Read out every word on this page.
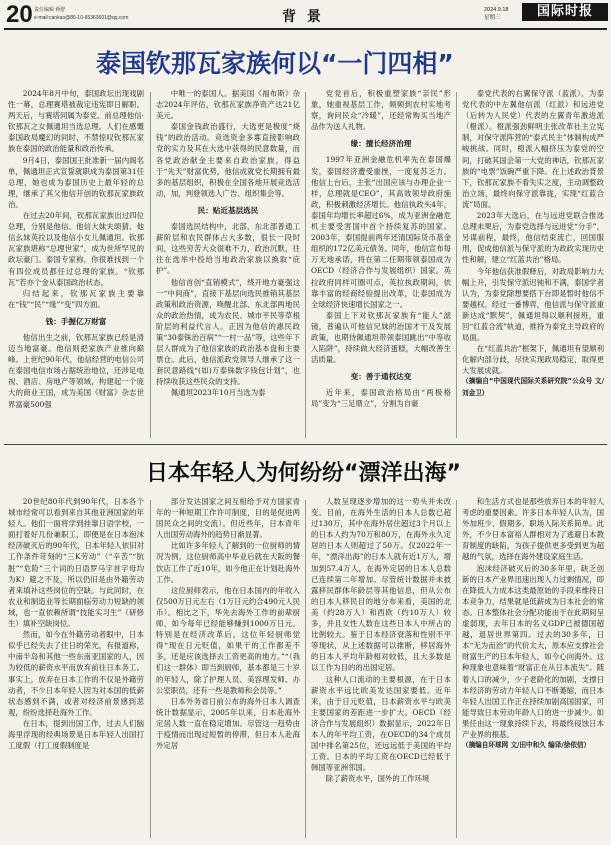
20 责任编辑 蒋舒
e-mail:cankao@86-10-65363601@qq.com	背 景	2024.9.18
星期三	国际时报
泰国钦那瓦家族何以“一门四相”

2024年8月中旬，泰国政坛出现戏剧性一幕，总理赛塔被裁定违宪即日解职。两天后，与赛塔同属为泰党、前总理他信·钦那瓦之女佩通坦当选总理。人们在感慨泰国政局魔幻的同时，不禁惊叹钦那瓦家族在泰国的政治能量和政治传承。

9月4日，泰国国王批准新一届内阁名单，佩通坦正式宣誓就职成为泰国第31任总理，她也成为泰国历史上最年轻的总理，继承了其父他信开创的钦那瓦家族政治。

在过去20年间，钦那瓦家族出过四位总理，分别是他信、他信大妹夫颂猜、他信幺妹英拉以及他信小女儿佩通坦。钦那瓦家族堪称“总理世家”，成为世所罕见的政坛豪门。泰国专家称，你很难找到一个有四位成员都任过总理的家族。“钦那瓦”若亦个金从泰国政治状态。

归结起来，钦那瓦家族主要靠在“钱”“民”“缘”“变”四方面。

钱：手握亿万财富

他信出生之前，钦那瓦家族已经是清迈当地富豪。他信则把家族产业推向巅峰。上世纪90年代，他信经营的电信公司在泰国电信市场占据统治地位，还涉足电视、酒店、房地产等领域，构建起一个庞大的商业王国，成为美国《财富》杂志世界富豪500强

中唯一的泰国人。据美国《福布斯》杂志2024年评估，钦那瓦家族净资产达21亿美元。

泰国金钱政治盛行，大选更是极度“烧钱”的政治活动。竞选资金多寡直接影响政党的实力及其在大选中获得的民意数量，而各党政治献金主要来自政治家族。得益于“先天”财富优势，他信成就党长期拥有最多的基层组织，积极在全国各地开展竞选活动，加，判登领选人广告、组织集会等。

民：贴近基层选民

泰国选民结构中，北部、东北部普通工薪阶层和农民群体占大多数，很长一段时间，这些穷苦大众很难不力，政治沉默，往往在选举中投给当地政治家族以换取“庇护”。

他信首创“直销模式”，绕开地方豪强这一“中间商”，直接下基层向选民推销其基层政策和政治资源，唤醒北部、东北部两地民众的政治热情，成为农民、城市平民等草根阶层的利益代言人。正因为他信的惠民政策“30泰铢治百病”“一村一品”等，这些年下层人群成为了他信家族的政治基本盘和主要票仓。此后，他信派政党领导人继承了这一套民意路线“(如)万泰铢数字钱包计划”，也持续收获这些民众的支持。

佩通坦2023年10月当选为泰

党党首后，积极重塑家族“亲民”形象，她重视基层工作，频频到农村实地考察，询问民众“冷暖”，还经常购买当地产品作为送人礼物。

缘：擅长经济治理

1997年亚洲金融危机率先在泰国爆发，泰国经济遭受重挫，一度复苏乏力。他信上台后，主张“出国应该与办理企业一样，总理就是CEO”，其高效领导政府施政，积极刺激经济增长。他信执政头4年，泰国年均增长率超过6%，成为亚洲金融危机主要受害国中首个持续复苏的国家。2003年，泰国提前两年还清国际货币基金组织的172亿美元债务。同年，他信宣布每万无地承诺，将在第二任期带领泰国成为OECD（经济合作与发展组织）国家。英拉政府同样可圈可点，英拉执政期间，依靠丰富的经商经验提出改革，让泰国成为全球经济快速增长国家之一。

泰国上下对钦那瓦家族有“能人”滤镜，普遍认可他信兄妹的治国才干及发展政策，也期待佩通坦带领泰国跳出“中等收入陷阱”，持续做大经济蛋糕，大幅改善生活质量。

变：善于通权达变

近年来，泰国政治格局由“两极格局”变为“三足鼎立”，分割为自豪

泰党代表的右翼保守派（蓝派）、为泰党代表的中左翼他信派（红派）和远进党（后转为人民党）代表的左翼青年激进派（橙派）。橙派强劲鲜明主张改革社主立宪制，对保守派阵营的“泰式民主”体制构成严峻挑战。同时，橙派入幅挤压为泰党的空间，打破其国会第一大党的神话，钦那瓦家族的“电票”饭碗严重下降。在上述政治背景下，钦那瓦家族不看失实之度，主动调整政治立场，最终向保守派靠拢，实现“红蓝合流”局面。

2023年大选后，在与远进党联合推选总理未果后，为泰党选择与远进党“分手”，另谋前程，最终，他信结束流亡，回国服刑，促成他信派与保守派的为政政实现历史性和解，建立“红蓝共治”格局。

今年他信获准假释后，对政局影响力大幅上升，引发保守派迟钝和不满，泰国学者认为，为泰党除想要搭下台即是暂时他信不要越权。经过一番博弈，他信派与保守派重新达成“默契”，佩通坦得以顺利接班，重回“红蓝合流”轨道，推持为泰党主导政府的局面。

在“红蓝共治”框架下，佩通坦有望顺利化解内部分歧，尽快实现政局稳定，取得更大发展成就。

（摘编自“中国现代国际关系研究院”公众号 文/刘金卫）

日本年轻人为何纷纷“漂洋出海”

20世纪80年代到90年代，日本各个城市经常可以看到来自其他亚洲国家的年轻人。他们一面将学到挂靠日语学校，一面打着好几份兼职工，即便是在日本泡沫经济破灭后的90年代，日本年轻人依旧对工作条件苛刻的“三K劳动”（“辛苦”“肮脏”“危险”三个词的日语罗马字首字母均为K）避之不及，所以仍旧是由外籍劳动者来填补这些岗位的空缺。与此同时，在农业和制造业等长期面临劳动力短缺的领域，也一直依赖所谓“技能实习生”（研修生）填补空缺岗位。

然而，如今在外籍劳动者眼中，日本似乎已经失去了往日的荣光，有报道称，中南半岛和其他一些东南亚国家的人，因为较低的薪资水平而放弃前往日本务工。事实上，放弃在日本工作的不仅是外籍劳动者，不少日本年轻人因为对本国的低薪状态感到不满，或者对经济前景感到悲观，纷纷选择赴海外工作。

在日本，提到出国工作，过去人们脑海里浮现的经典场景是日本年轻人出国打工度假（打工度假制度是

部分发达国家之间互相给予对方国家青年的一种短期工作许可制度，目的是促进两国民众之间的交流）。但近些年，日本青年人出国劳动海外的趋势日渐显著。

比如许多年轻人了解到的一位厨师的情况为例，这位厨师高中毕业后就在大阪的餐饮店工作了近10年，如今他正在计划赴海外工作。

这位厨师表示，他在日本国内的年收入仅500万日元左右（1万日元约合490元人民币）。相比之下，华先去海外工作的前辈厨师，如今每年已经能够赚到1000万日元。特别是在经济改革后，这位年轻厨师觉得“现在日元贬值，如果干的工作都差不多，还是应该选择去工资更高的地方。”“（我们这一群体）即当到厨师，基本都是三十岁的年轻人，除了护理人员、美容理发师、办公室职员，还有一些是教师和会员等。”

日本外务省日前公布的海外日本人调查统计数据显示，2005年以来，日本赴海外定居人数一直在稳定增加。尽管这一趋势由于疫情而出现过短暂的停滞，但日本人赴海外定居

人数呈现逐步增加的这一势头并未改变。目前，在海外生活的日本人总数已超过130万，其中在海外居住超过3个月以上的日本人约为70万和80万，在海外永久定居的日本人则超过了50万。仅2022年一年，“漂洋出海”的日本人就有近1万人，增加到57.4万人，在海外定居的日本人总数已连续第二年增加。尽管统计数据并未披露移民群体年龄层等其他信息，但从公布的日本人移民目的地分布来看，美国的北美（约28万人）和西欧（约10万人）较多，并且女性人数在这些日本人中所占的比例较大。鉴于日本经济衰落和性别不平等现状，从上述数据可以推断，移居海外的日本人平均年龄相对较低，且大多数是以工作为目的的出国定居。

这种人口流动的主要根源，在于日本薪资水平远比欧美发达国家要低。近年来，由于日元贬值，日本薪资水平与欧美主要国家的差距进一步扩大。OECD（经济合作与发展组织）数据显示，2022年日本人的年平均工资，在OECD的34个成员国中排名第25位，还远远低于美国的平均工资。日本的平均工资在OECD已经低于韩国等亚洲邻国。

除了薪资水平，国外的工作环境

和生活方式也是那些放弃日本的年轻人考虑的重要因素。许多日本年轻人认为，国外加班少、假期多、职场人际关系简单。此外，不少日本富裕人群相对为了逃避日本教育制度的缺陷，为孩子提供更多受到更为超越的气氛，选择在海外建设家庭生活。

泡沫经济破灭后的30多年里，缺乏创新的日本产业界迅速出现人力过剩情况，即在降低人力成本这类最原始的手段来维持日本竞争力，结果就是低薪成为日本社会的常态。日本整体社会分配功能由于在此期间呈虚弱现，去年日本的名义GDP已被德国超越，退居世界第四。过去的30多年，日本“无为而治”的代价太大，原本应支撑社会财富生产的日本年轻人，如今心向海外。这种现象也意味着“财富正在从日本流失”。随着人口的减少，少子老龄化的加剧，支撑日本经济的劳动力年轻人口不断萎缩，而日本年轻人出国工作正在持续加剧高国国家，可能导致日本劳动年龄人口的进一步减少。如果任由这一现象持续下去，将最终侵蚀日本产业界的根基。

（摘编自环球网 文/田中和久 编译/徐依信）
